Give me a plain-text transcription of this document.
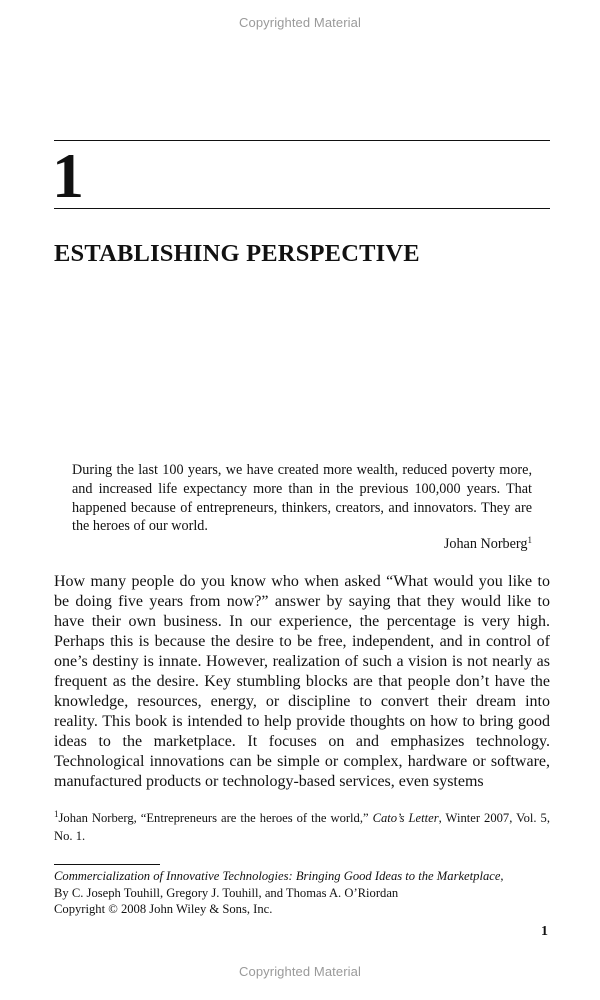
Copyrighted Material
1
ESTABLISHING PERSPECTIVE

During the last 100 years, we have created more wealth, reduced poverty more, and increased life expectancy more than in the previous 100,000 years. That happened because of entrepreneurs, thinkers, creators, and innovators. They are the heroes of our world.

Johan Norberg$^1$

How many people do you know who when asked “What would you like to be doing five years from now?” answer by saying that they would like to have their own business. In our experience, the percentage is very high. Perhaps this is because the desire to be free, independent, and in control of one’s destiny is innate. However, realization of such a vision is not nearly as frequent as the desire. Key stumbling blocks are that people don’t have the knowledge, resources, energy, or discipline to convert their dream into reality. This book is intended to help provide thoughts on how to bring good ideas to the marketplace. It focuses on and emphasizes technology. Technological innovations can be simple or complex, hardware or software, manufactured products or technology-based services, even systems

$^1$Johan Norberg, “Entrepreneurs are the heroes of the world,” Cato’s Letter, Winter 2007, Vol. 5, No. 1.

Commercialization of Innovative Technologies: Bringing Good Ideas to the Marketplace,
By C. Joseph Touhill, Gregory J. Touhill, and Thomas A. O’Riordan
Copyright © 2008 John Wiley & Sons, Inc.
1
Copyrighted Material
